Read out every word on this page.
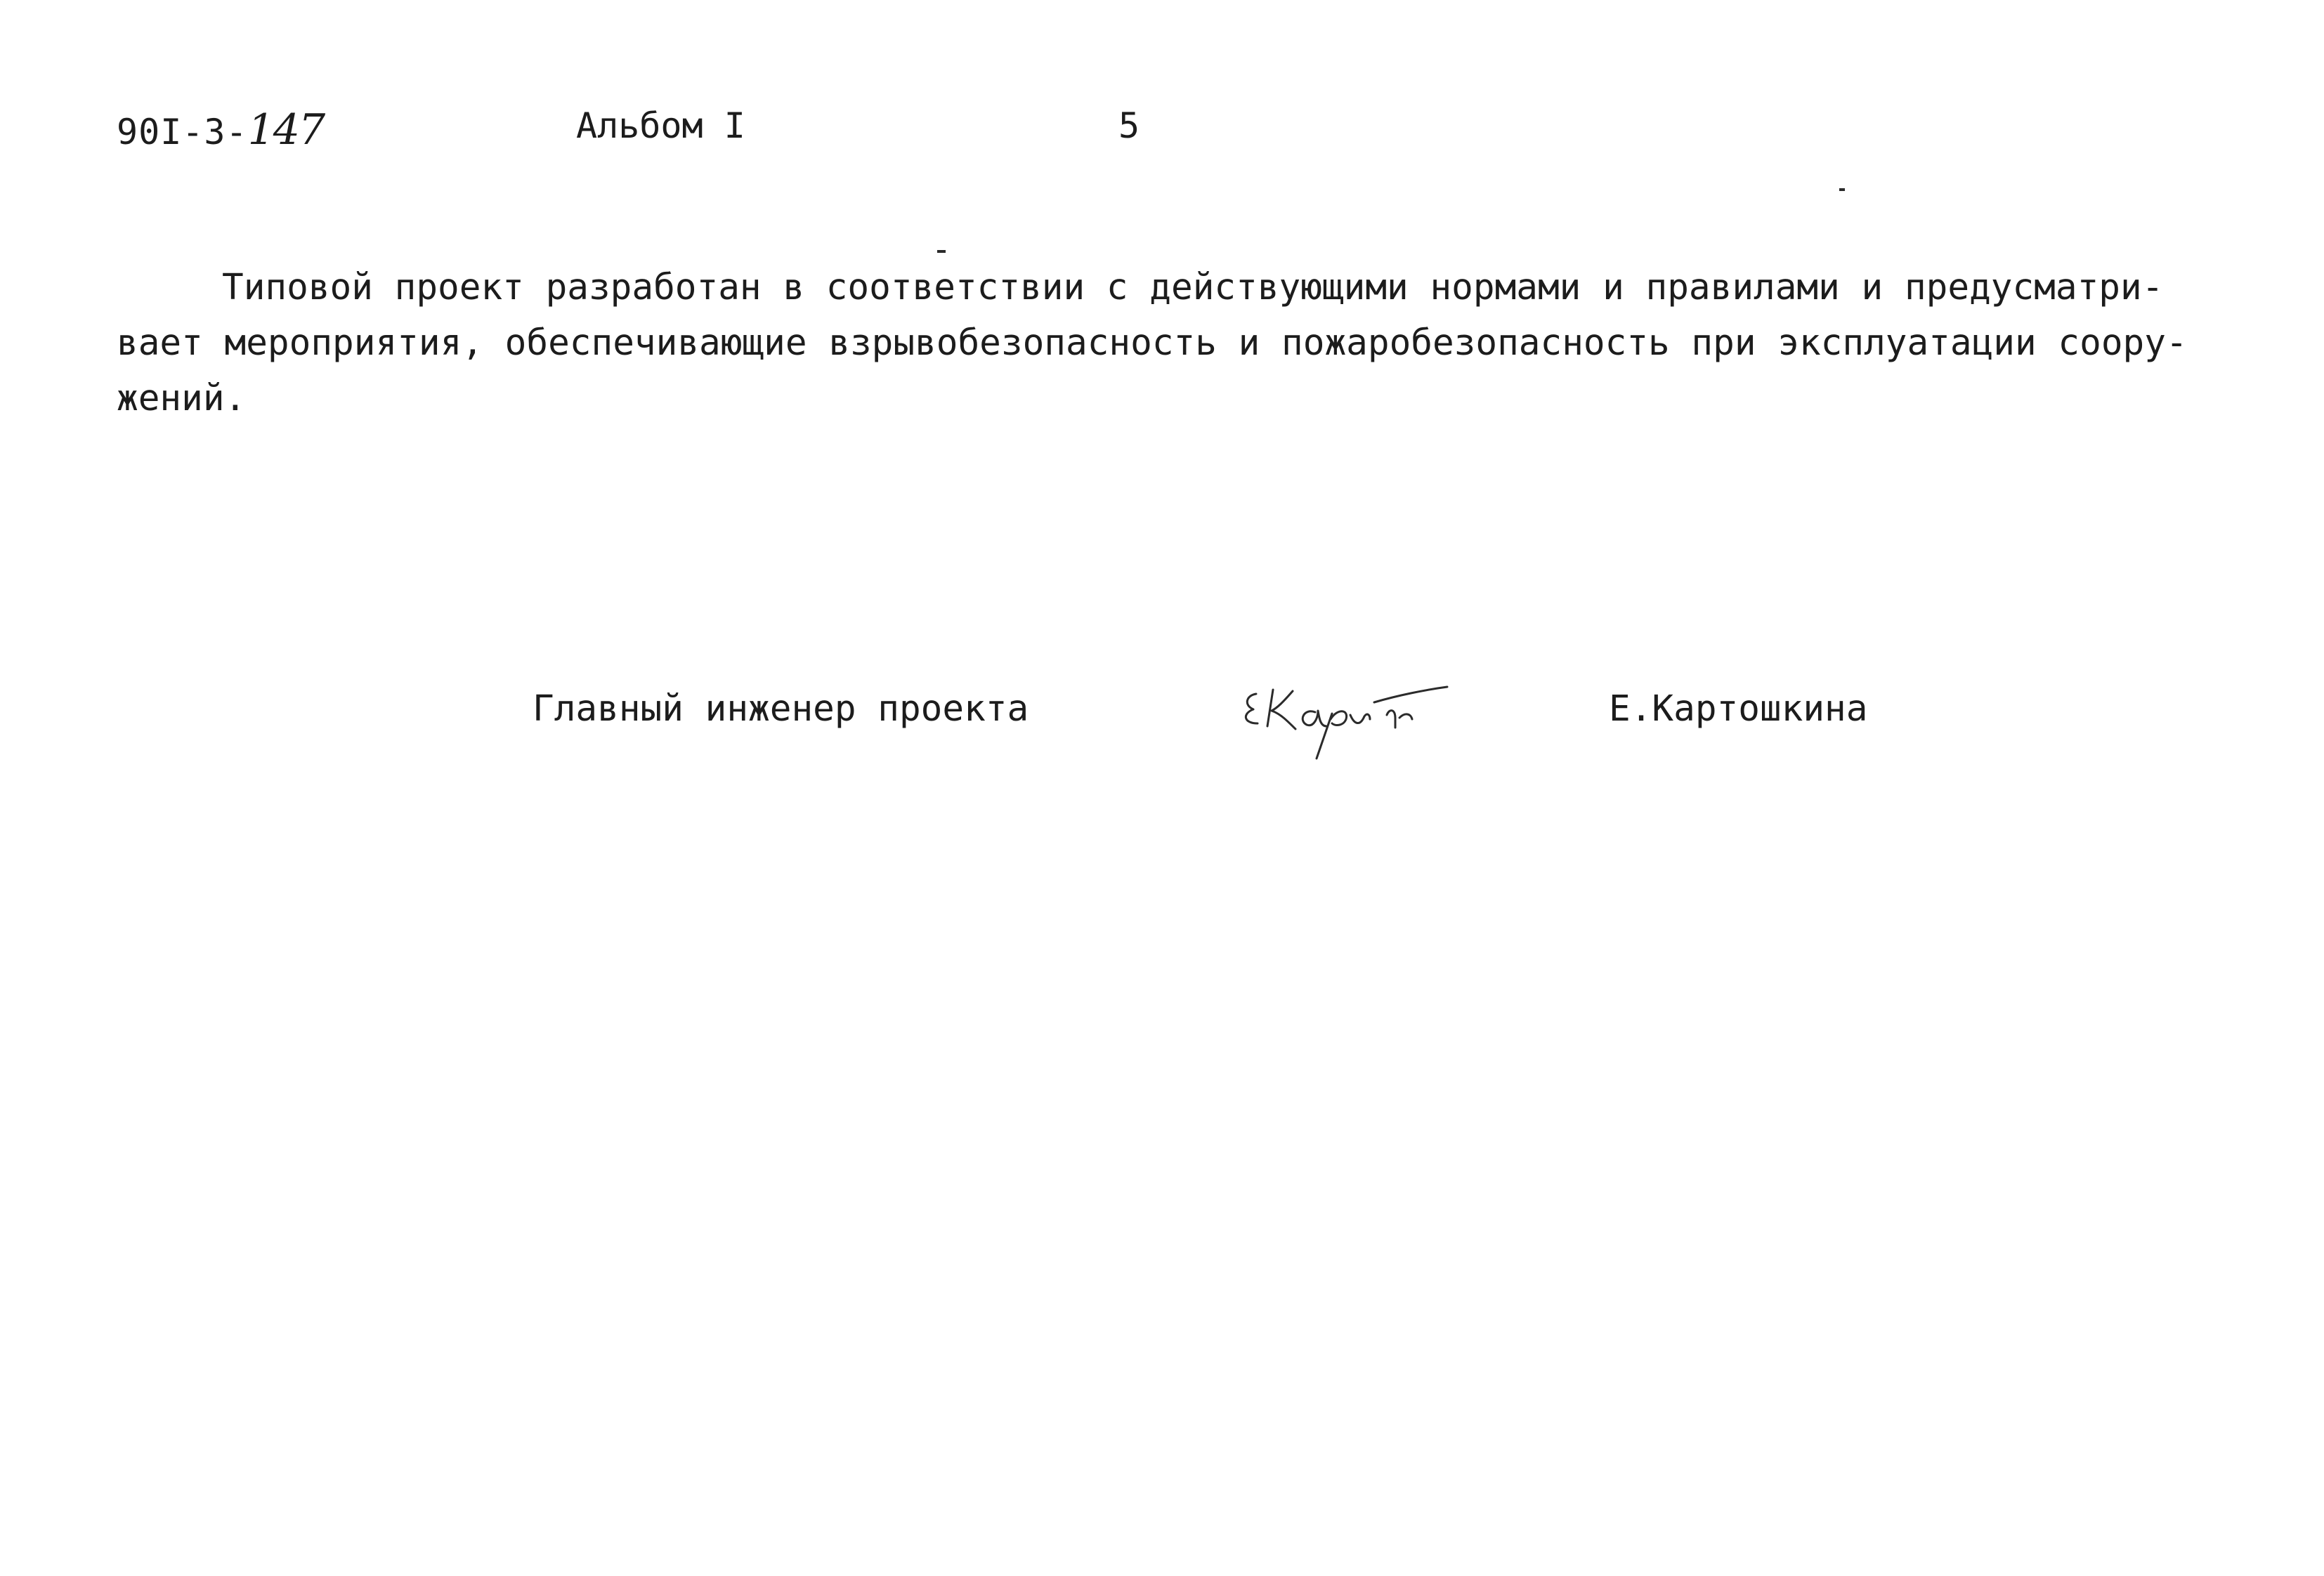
90I-3-147	Альбом I	5
Типовой проект разработан в соответствии с действующими нормами и правилами и предусматри-
вает мероприятия, обеспечивающие взрывобезопасность и пожаробезопасность при эксплуатации соору-
жений.
Главный инженер проекта
ЕКарт
Е.Картошкина
